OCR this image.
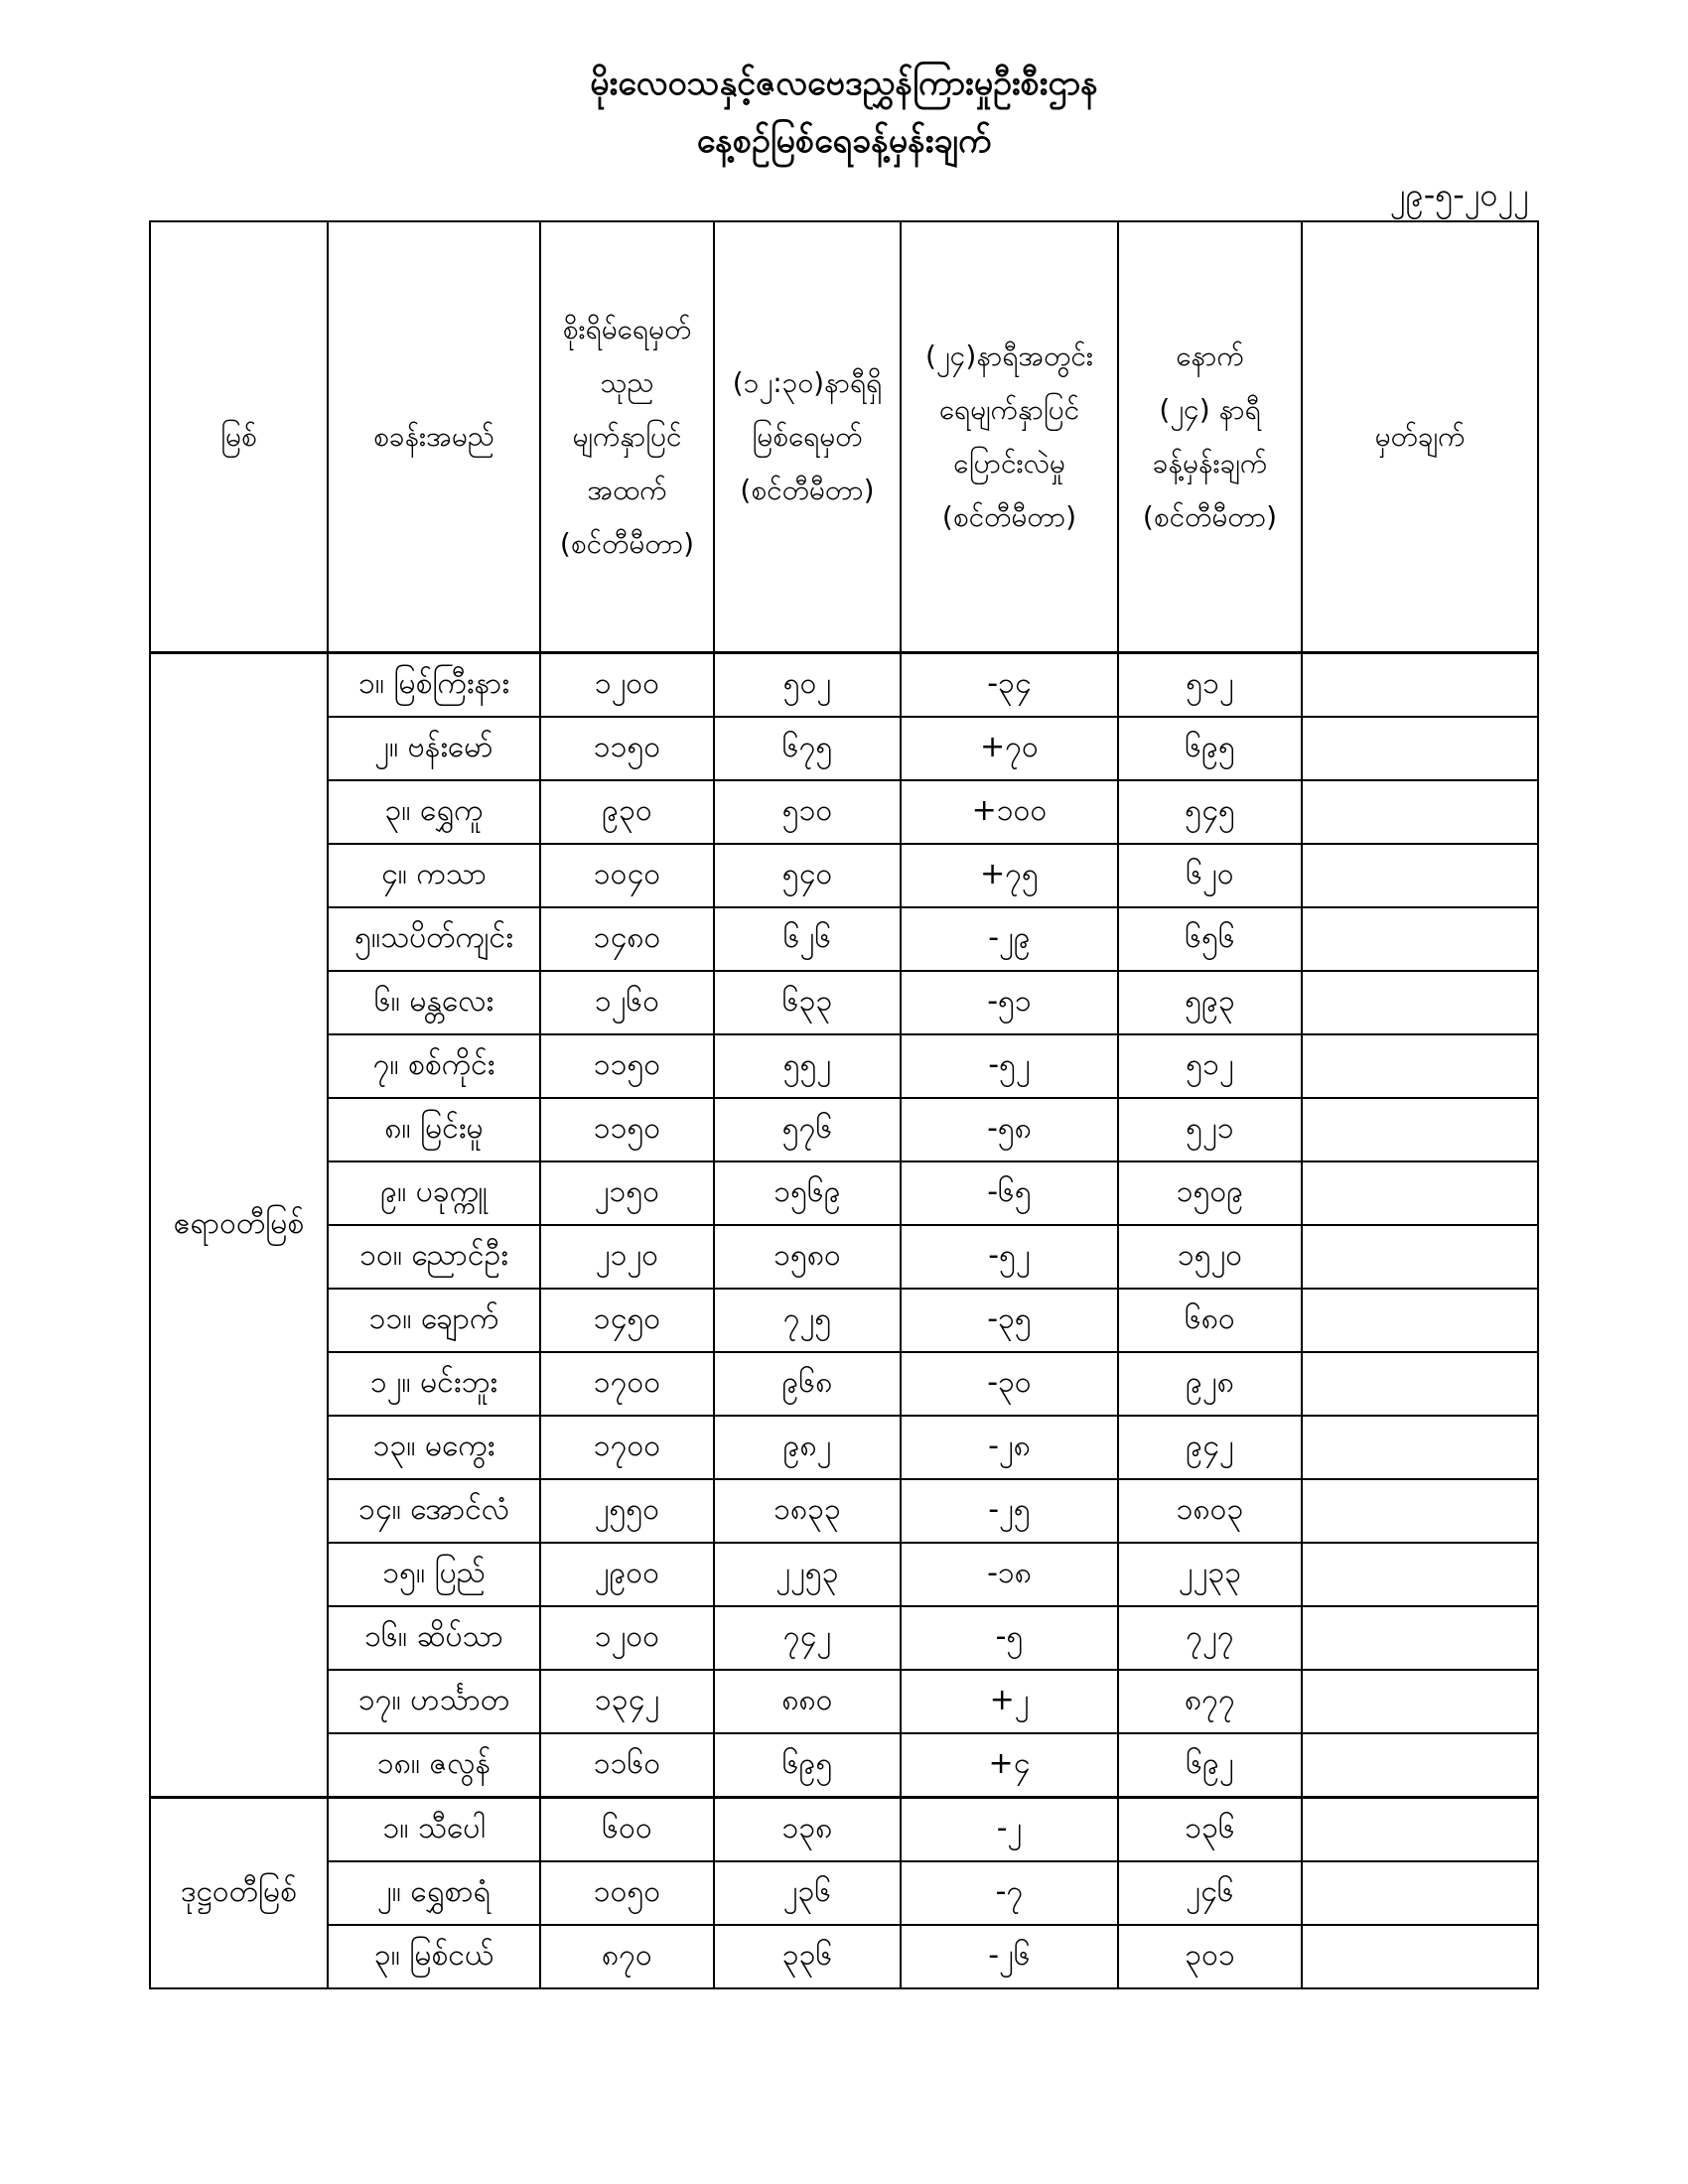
မိုးလေဝသနှင့်ဇလဗေဒညွှန်ကြားမှုဦးစီးဌာန
နေ့စဉ်မြစ်ရေခန့်မှန်းချက်
၂၉-၅-၂၀၂၂
မြစ်	စခန်းအမည်	စိုးရိမ်ရေမှတ်
သုည
မျက်နှာပြင်
အထက်
(စင်တီမီတာ)	(၁၂:၃၀)နာရီရှိ
မြစ်ရေမှတ်
(စင်တီမီတာ)	(၂၄)နာရီအတွင်း
ရေမျက်နှာပြင်
ပြောင်းလဲမှု
(စင်တီမီတာ)	နောက်
(၂၄) နာရီ
ခန့်မှန်းချက်
(စင်တီမီတာ)	မှတ်ချက်

ဧရာဝတီမြစ်	၁။ မြစ်ကြီးနား	၁၂၀၀	၅၀၂	-၃၄	၅၁၂	
	၂။ ဗန်းမော်	၁၁၅၀	၆၇၅	+၇၀	၆၉၅	
	၃။ ရွှေကူ	၉၃၀	၅၁၀	+၁၀၀	၅၄၅	
	၄။ ကသာ	၁၀၄၀	၅၄၀	+၇၅	၆၂၀	
	၅။သပိတ်ကျင်း	၁၄၈၀	၆၂၆	-၂၉	၆၅၆	
	၆။ မန္တလေး	၁၂၆၀	၆၃၃	-၅၁	၅၉၃	
	၇။ စစ်ကိုင်း	၁၁၅၀	၅၅၂	-၅၂	၅၁၂	
	၈။ မြင်းမူ	၁၁၅၀	၅၇၆	-၅၈	၅၂၁	
	၉။ ပခုက္ကူ	၂၁၅၀	၁၅၆၉	-၆၅	၁၅၀၉	
	၁၀။ ညောင်ဦး	၂၁၂၀	၁၅၈၀	-၅၂	၁၅၂၀	
	၁၁။ ချောက်	၁၄၅၀	၇၂၅	-၃၅	၆၈၀	
	၁၂။ မင်းဘူး	၁၇၀၀	၉၆၈	-၃၀	၉၂၈	
	၁၃။ မကွေး	၁၇၀၀	၉၈၂	-၂၈	၉၄၂	
	၁၄။ အောင်လံ	၂၅၅၀	၁၈၃၃	-၂၅	၁၈၀၃	
	၁၅။ ပြည်	၂၉၀၀	၂၂၅၃	-၁၈	၂၂၃၃	
	၁၆။ ဆိပ်သာ	၁၂၀၀	၇၄၂	-၅	၇၂၇	
	၁၇။ ဟင်္သာတ	၁၃၄၂	၈၈၀	+၂	၈၇၇	
	၁၈။ ဇလွန်	၁၁၆၀	၆၉၅	+၄	၆၉၂	
ဒုဋ္ဌဝတီမြစ်	၁။ သီပေါ	၆၀၀	၁၃၈	-၂	၁၃၆	
	၂။ ရွှေစာရံ	၁၀၅၀	၂၃၆	-၇	၂၄၆	
	၃။ မြစ်ငယ်	၈၇၀	၃၃၆	-၂၆	၃၀၁	
